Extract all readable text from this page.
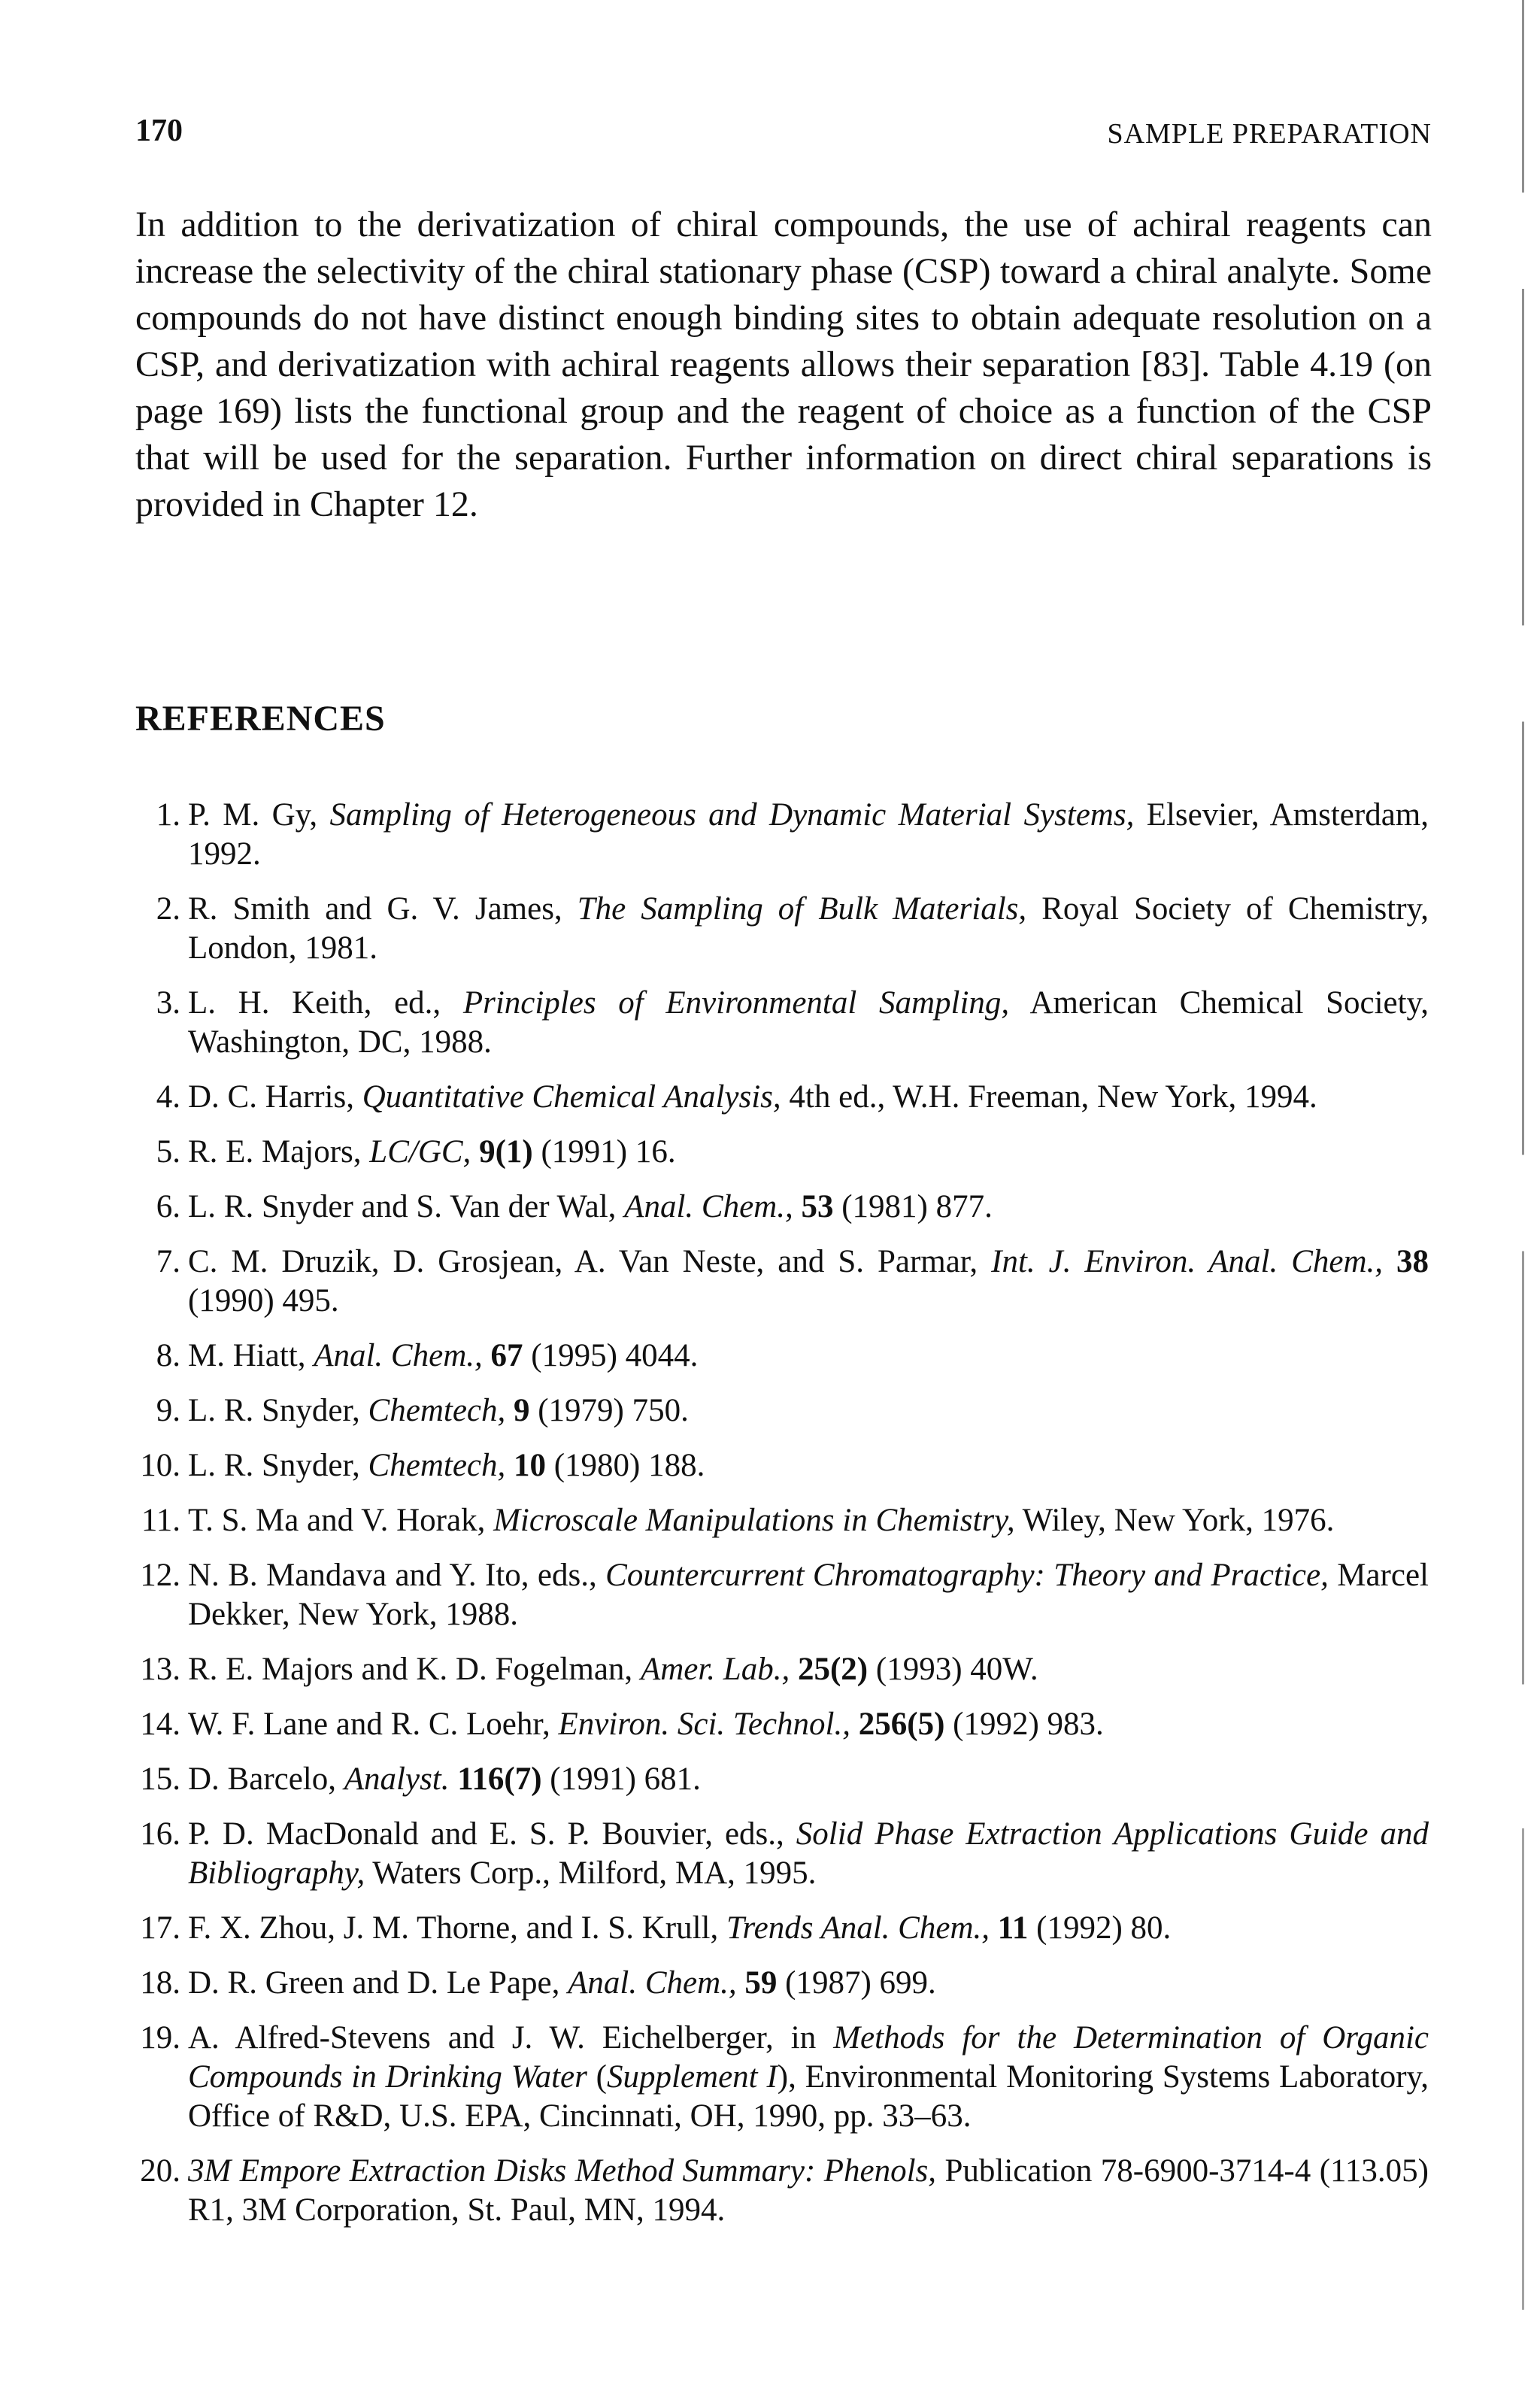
170	SAMPLE PREPARATION

In addition to the derivatization of chiral compounds, the use of achiral reagents can increase the selectivity of the chiral stationary phase (CSP) toward a chiral analyte. Some compounds do not have distinct enough binding sites to obtain adequate resolution on a CSP, and derivatization with achiral reagents allows their separation [83]. Table 4.19 (on page 169) lists the functional group and the reagent of choice as a function of the CSP that will be used for the separation. Further information on direct chiral separations is provided in Chapter 12.

REFERENCES
1. P. M. Gy, Sampling of Heterogeneous and Dynamic Material Systems, Elsevier, Amsterdam, 1992.
2. R. Smith and G. V. James, The Sampling of Bulk Materials, Royal Society of Chemistry, London, 1981.
3. L. H. Keith, ed., Principles of Environmental Sampling, American Chemical Society, Washington, DC, 1988.
4. D. C. Harris, Quantitative Chemical Analysis, 4th ed., W.H. Freeman, New York, 1994.
5. R. E. Majors, LC/GC, 9(1) (1991) 16.
6. L. R. Snyder and S. Van der Wal, Anal. Chem., 53 (1981) 877.
7. C. M. Druzik, D. Grosjean, A. Van Neste, and S. Parmar, Int. J. Environ. Anal. Chem., 38 (1990) 495.
8. M. Hiatt, Anal. Chem., 67 (1995) 4044.
9. L. R. Snyder, Chemtech, 9 (1979) 750.
10. L. R. Snyder, Chemtech, 10 (1980) 188.
11. T. S. Ma and V. Horak, Microscale Manipulations in Chemistry, Wiley, New York, 1976.
12. N. B. Mandava and Y. Ito, eds., Countercurrent Chromatography: Theory and Practice, Marcel Dekker, New York, 1988.
13. R. E. Majors and K. D. Fogelman, Amer. Lab., 25(2) (1993) 40W.
14. W. F. Lane and R. C. Loehr, Environ. Sci. Technol., 256(5) (1992) 983.
15. D. Barcelo, Analyst. 116(7) (1991) 681.
16. P. D. MacDonald and E. S. P. Bouvier, eds., Solid Phase Extraction Applications Guide and Bibliography, Waters Corp., Milford, MA, 1995.
17. F. X. Zhou, J. M. Thorne, and I. S. Krull, Trends Anal. Chem., 11 (1992) 80.
18. D. R. Green and D. Le Pape, Anal. Chem., 59 (1987) 699.
19. A. Alfred-Stevens and J. W. Eichelberger, in Methods for the Determination of Organic Compounds in Drinking Water (Supplement I), Environmental Monitoring Systems Laboratory, Office of R&D, U.S. EPA, Cincinnati, OH, 1990, pp. 33–63.
20. 3M Empore Extraction Disks Method Summary: Phenols, Publication 78-6900-3714-4 (113.05) R1, 3M Corporation, St. Paul, MN, 1994.
